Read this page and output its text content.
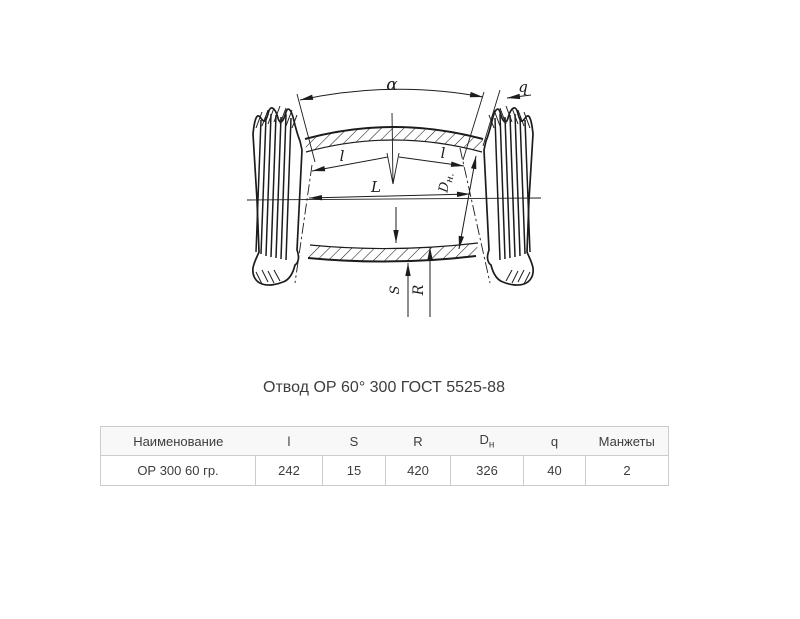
α	q
l	l
L	$D_{н.}$
S R
Отвод ОР 60° 300 ГОСТ 5525-88
Наименование	l	S	R	$D_н$	q	Манжеты
ОР 300 60 гр.	242	15	420	326	40	2
